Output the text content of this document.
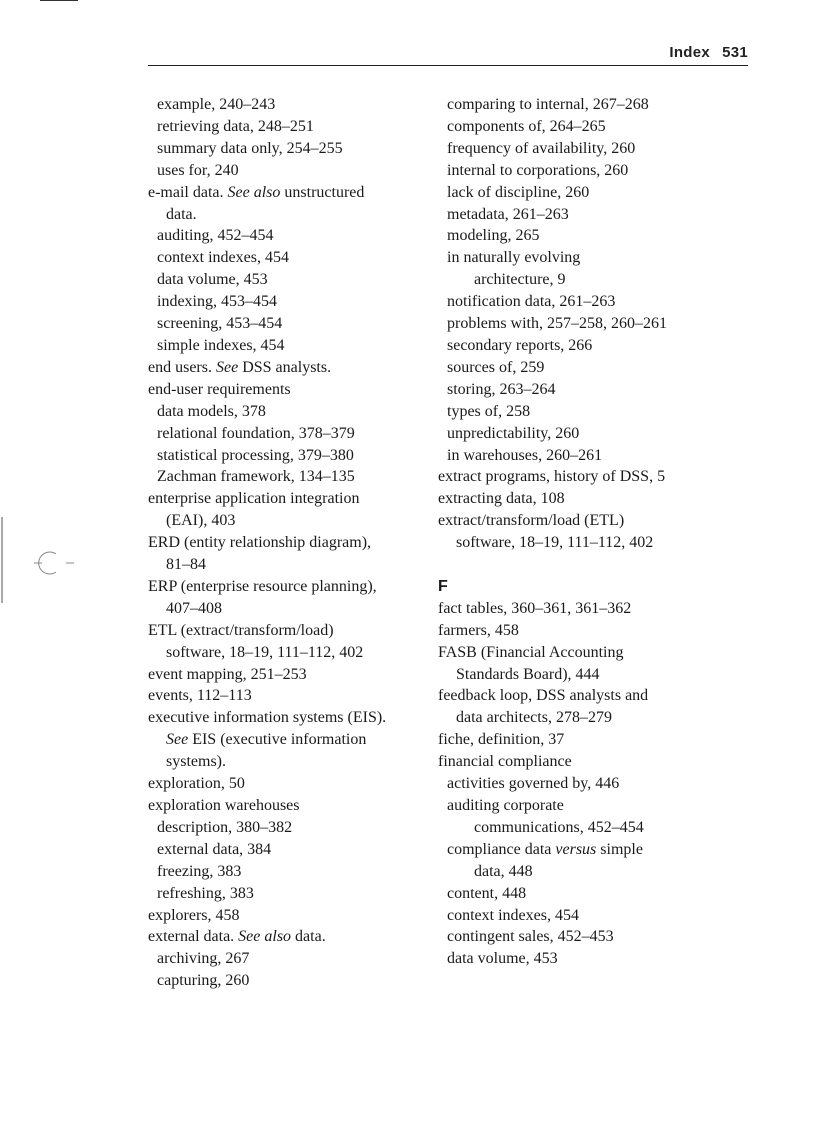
Index 531
example, 240–243
retrieving data, 248–251
summary data only, 254–255
uses for, 240
e-mail data. See also unstructured
data.
auditing, 452–454
context indexes, 454
data volume, 453
indexing, 453–454
screening, 453–454
simple indexes, 454
end users. See DSS analysts.
end-user requirements
data models, 378
relational foundation, 378–379
statistical processing, 379–380
Zachman framework, 134–135
enterprise application integration
(EAI), 403
ERD (entity relationship diagram),
81–84
ERP (enterprise resource planning),
407–408
ETL (extract/transform/load)
software, 18–19, 111–112, 402
event mapping, 251–253
events, 112–113
executive information systems (EIS).
See EIS (executive information
systems).
exploration, 50
exploration warehouses
description, 380–382
external data, 384
freezing, 383
refreshing, 383
explorers, 458
external data. See also data.
archiving, 267
capturing, 260
comparing to internal, 267–268
components of, 264–265
frequency of availability, 260
internal to corporations, 260
lack of discipline, 260
metadata, 261–263
modeling, 265
in naturally evolving
architecture, 9
notification data, 261–263
problems with, 257–258, 260–261
secondary reports, 266
sources of, 259
storing, 263–264
types of, 258
unpredictability, 260
in warehouses, 260–261
extract programs, history of DSS, 5
extracting data, 108
extract/transform/load (ETL)
software, 18–19, 111–112, 402
F
fact tables, 360–361, 361–362
farmers, 458
FASB (Financial Accounting
Standards Board), 444
feedback loop, DSS analysts and
data architects, 278–279
fiche, definition, 37
financial compliance
activities governed by, 446
auditing corporate
communications, 452–454
compliance data versus simple
data, 448
content, 448
context indexes, 454
contingent sales, 452–453
data volume, 453
